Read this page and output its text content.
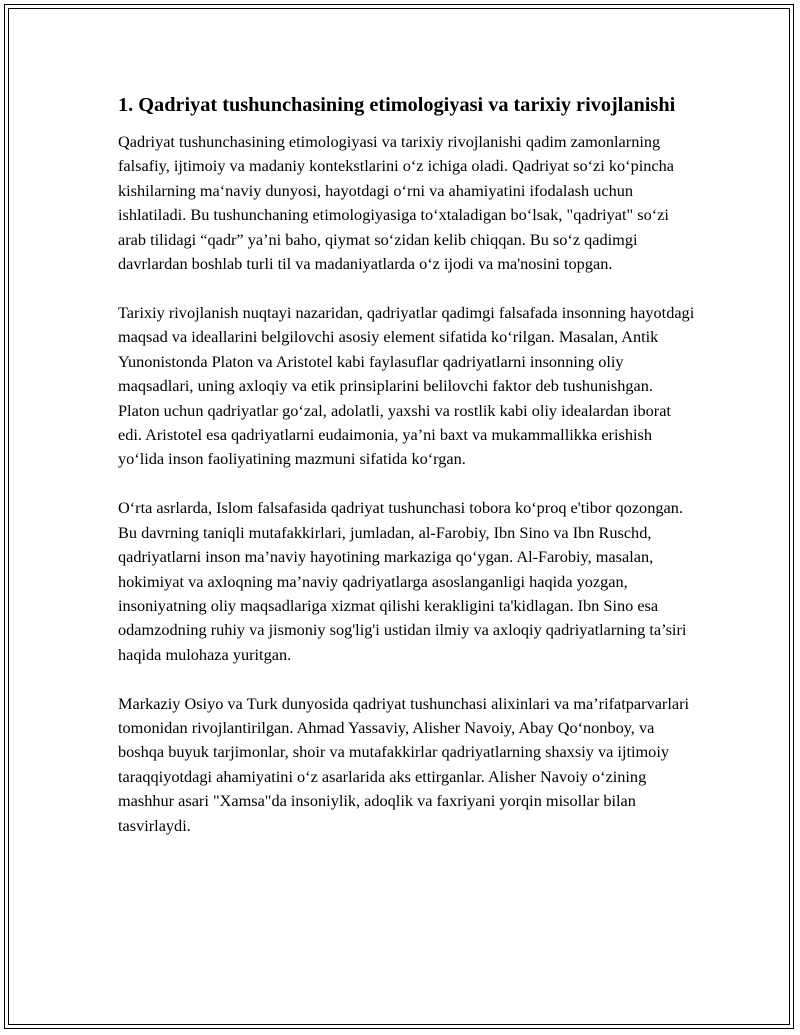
1. Qadriyat tushunchasining etimologiyasi va tarixiy rivojlanishi

Qadriyat tushunchasining etimologiyasi va tarixiy rivojlanishi qadim zamonlarning falsafiy, ijtimoiy va madaniy kontekstlarini o‘z ichiga oladi. Qadriyat so‘zi ko‘pincha kishilarning ma‘naviy dunyosi, hayotdagi o‘rni va ahamiyatini ifodalash uchun ishlatiladi. Bu tushunchaning etimologiyasiga to‘xtaladigan bo‘lsak, "qadriyat" so‘zi arab tilidagi “qadr” ya’ni baho, qiymat so‘zidan kelib chiqqan. Bu so‘z qadimgi davrlardan boshlab turli til va madaniyatlarda o‘z ijodi va ma'nosini topgan.

Tarixiy rivojlanish nuqtayi nazaridan, qadriyatlar qadimgi falsafada insonning hayotdagi maqsad va ideallarini belgilovchi asosiy element sifatida ko‘rilgan. Masalan, Antik Yunonistonda Platon va Aristotel kabi faylasuflar qadriyatlarni insonning oliy maqsadlari, uning axloqiy va etik prinsiplarini belilovchi faktor deb tushunishgan. Platon uchun qadriyatlar go‘zal, adolatli, yaxshi va rostlik kabi oliy idealardan iborat edi. Aristotel esa qadriyatlarni eudaimonia, ya’ni baxt va mukammallikka erishish yo‘lida inson faoliyatining mazmuni sifatida ko‘rgan.

O‘rta asrlarda, Islom falsafasida qadriyat tushunchasi tobora ko‘proq e'tibor qozongan. Bu davrning taniqli mutafakkirlari, jumladan, al-Farobiy, Ibn Sino va Ibn Ruschd, qadriyatlarni inson ma’naviy hayotining markaziga qo‘ygan. Al-Farobiy, masalan, hokimiyat va axloqning ma’naviy qadriyatlarga asoslanganligi haqida yozgan, insoniyatning oliy maqsadlariga xizmat qilishi kerakligini ta'kidlagan. Ibn Sino esa odamzodning ruhiy va jismoniy sog'lig'i ustidan ilmiy va axloqiy qadriyatlarning ta’siri haqida mulohaza yuritgan.

Markaziy Osiyo va Turk dunyosida qadriyat tushunchasi alixinlari va ma’rifatparvarlari tomonidan rivojlantirilgan. Ahmad Yassaviy, Alisher Navoiy, Abay Qo‘nonboy, va boshqa buyuk tarjimonlar, shoir va mutafakkirlar qadriyatlarning shaxsiy va ijtimoiy taraqqiyotdagi ahamiyatini o‘z asarlarida aks ettirganlar. Alisher Navoiy o‘zining mashhur asari "Xamsa"da insoniylik, adoqlik va faxriyani yorqin misollar bilan tasvirlaydi.
